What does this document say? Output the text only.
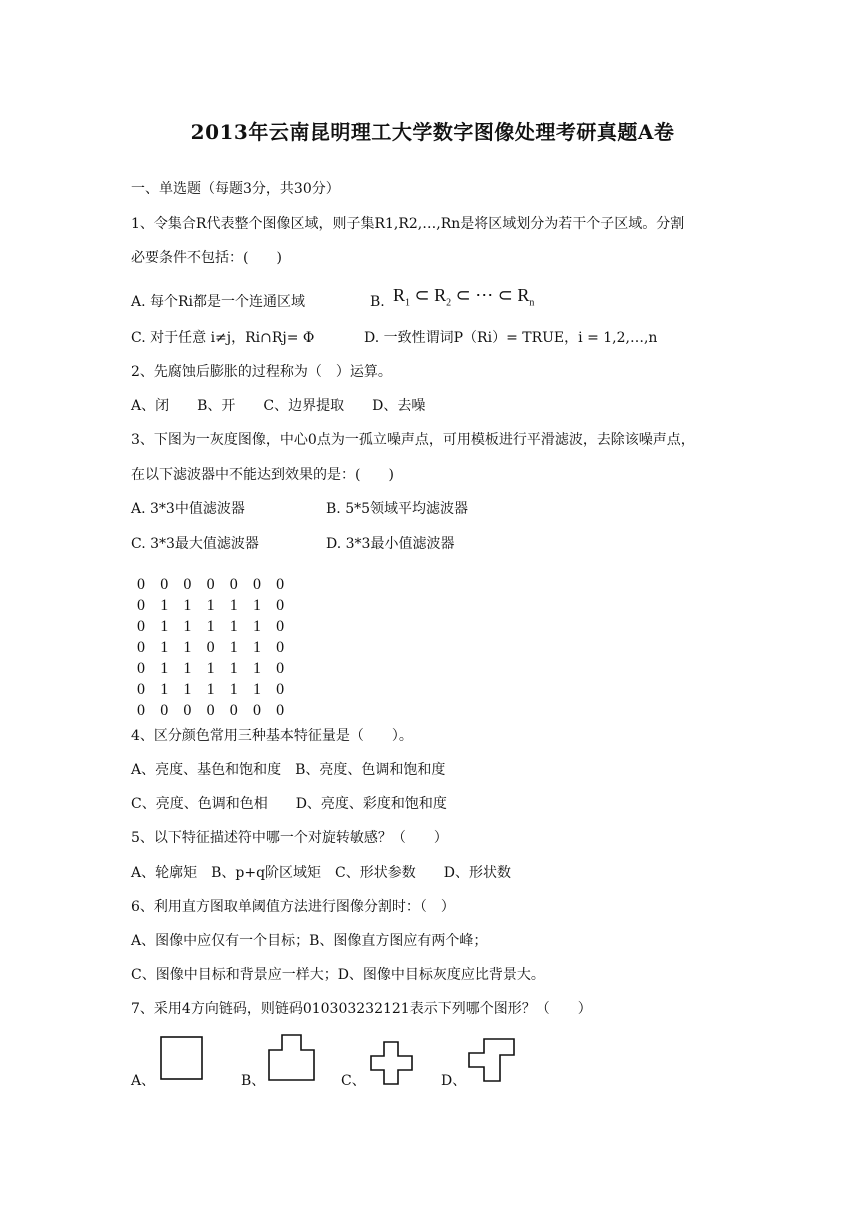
2013年云南昆明理工大学数字图像处理考研真题A卷
一、单选题（每题3分，共30分）
1、令集合R代表整个图像区域，则子集R1,R2,…,Rn是将区域划分为若干个子区域。分割
必要条件不包括：(　　)
A. 每个Ri都是一个连通区域	B. $R_1$ ⊂ $R_2$ ⊂ ⋯ ⊂ $R_n$
C. 对于任意 i≠j，Ri∩Rj= Φ	D. 一致性谓词P（Ri）= TRUE，i = 1,2,…,n
2、先腐蚀后膨胀的过程称为（　）运算。
A、闭　　B、开　　C、边界提取　　D、去噪
3、下图为一灰度图像，中心0点为一孤立噪声点，可用模板进行平滑滤波，去除该噪声点，
在以下滤波器中不能达到效果的是：(　　)
A. 3*3中值滤波器	B. 5*5领域平均滤波器
C. 3*3最大值滤波器	D. 3*3最小值滤波器
0 0 0 0 0 0 0
0 1 1 1 1 1 0
0 1 1 1 1 1 0
0 1 1 0 1 1 0
0 1 1 1 1 1 0
0 1 1 1 1 1 0
0 0 0 0 0 0 0
4、区分颜色常用三种基本特征量是（　　）。
A、亮度、基色和饱和度　B、亮度、色调和饱和度
C、亮度、色调和色相　　D、亮度、彩度和饱和度
5、以下特征描述符中哪一个对旋转敏感？（　　）
A、轮廓矩　B、p+q阶区域矩　C、形状参数　　D、形状数
6、利用直方图取单阈值方法进行图像分割时：（　）
A、图像中应仅有一个目标；B、图像直方图应有两个峰；
C、图像中目标和背景应一样大；D、图像中目标灰度应比背景大。
7、采用4方向链码，则链码010303232121表示下列哪个图形？（　　）
A、	B、	C、	D、
